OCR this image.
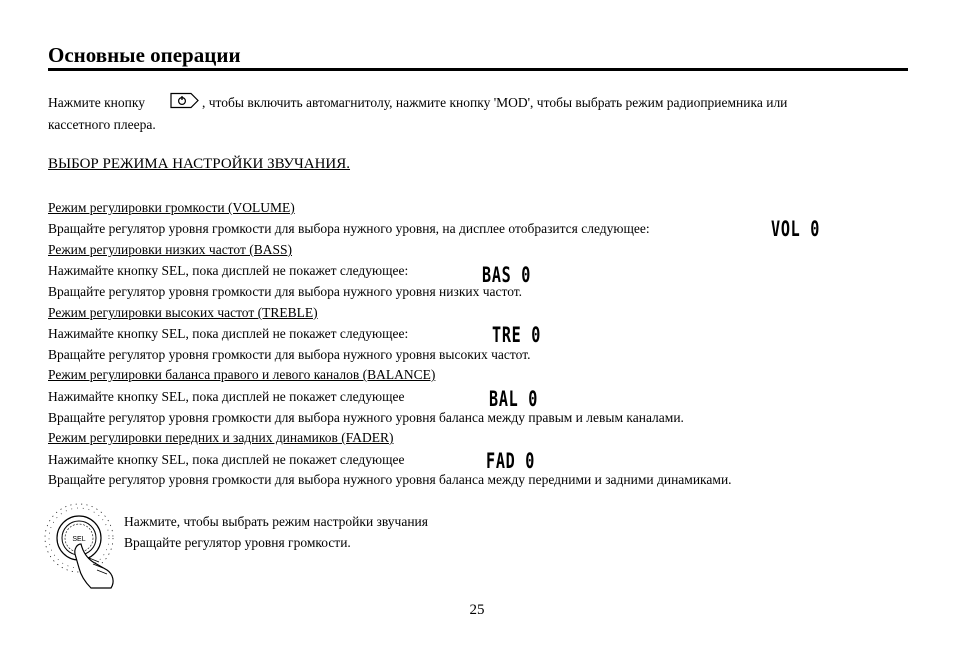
Основные операции
Нажмите кнопку	, чтобы включить автомагнитолу, нажмите кнопку 'MOD', чтобы выбрать режим радиоприемника или
кассетного плеера.
ВЫБОР РЕЖИМА НАСТРОЙКИ ЗВУЧАНИЯ.
Режим регулировки громкости (VOLUME)
Вращайте регулятор уровня громкости для выбора нужного уровня, на дисплее отобразится следующее:	VOL 0
Режим регулировки низких частот (BASS)
Нажимайте кнопку SEL, пока дисплей не покажет следующее:	BAS 0
Вращайте регулятор уровня громкости для выбора нужного уровня низких частот.
Режим регулировки высоких частот (TREBLE)
Нажимайте кнопку SEL, пока дисплей не покажет следующее:	TRE 0
Вращайте регулятор уровня громкости для выбора нужного уровня высоких частот.
Режим регулировки баланса правого и левого каналов (BALANCE)
Нажимайте кнопку SEL, пока дисплей не покажет следующее	BAL 0
Вращайте регулятор уровня громкости для выбора нужного уровня баланса между правым и левым каналами.
Режим регулировки передних и задних динамиков (FADER)
Нажимайте кнопку SEL, пока дисплей не покажет следующее	FAD 0
Вращайте регулятор уровня громкости для выбора нужного уровня баланса между передними и задними динамиками.
SEL
Нажмите, чтобы выбрать режим настройки звучания
Вращайте регулятор уровня громкости.
25
